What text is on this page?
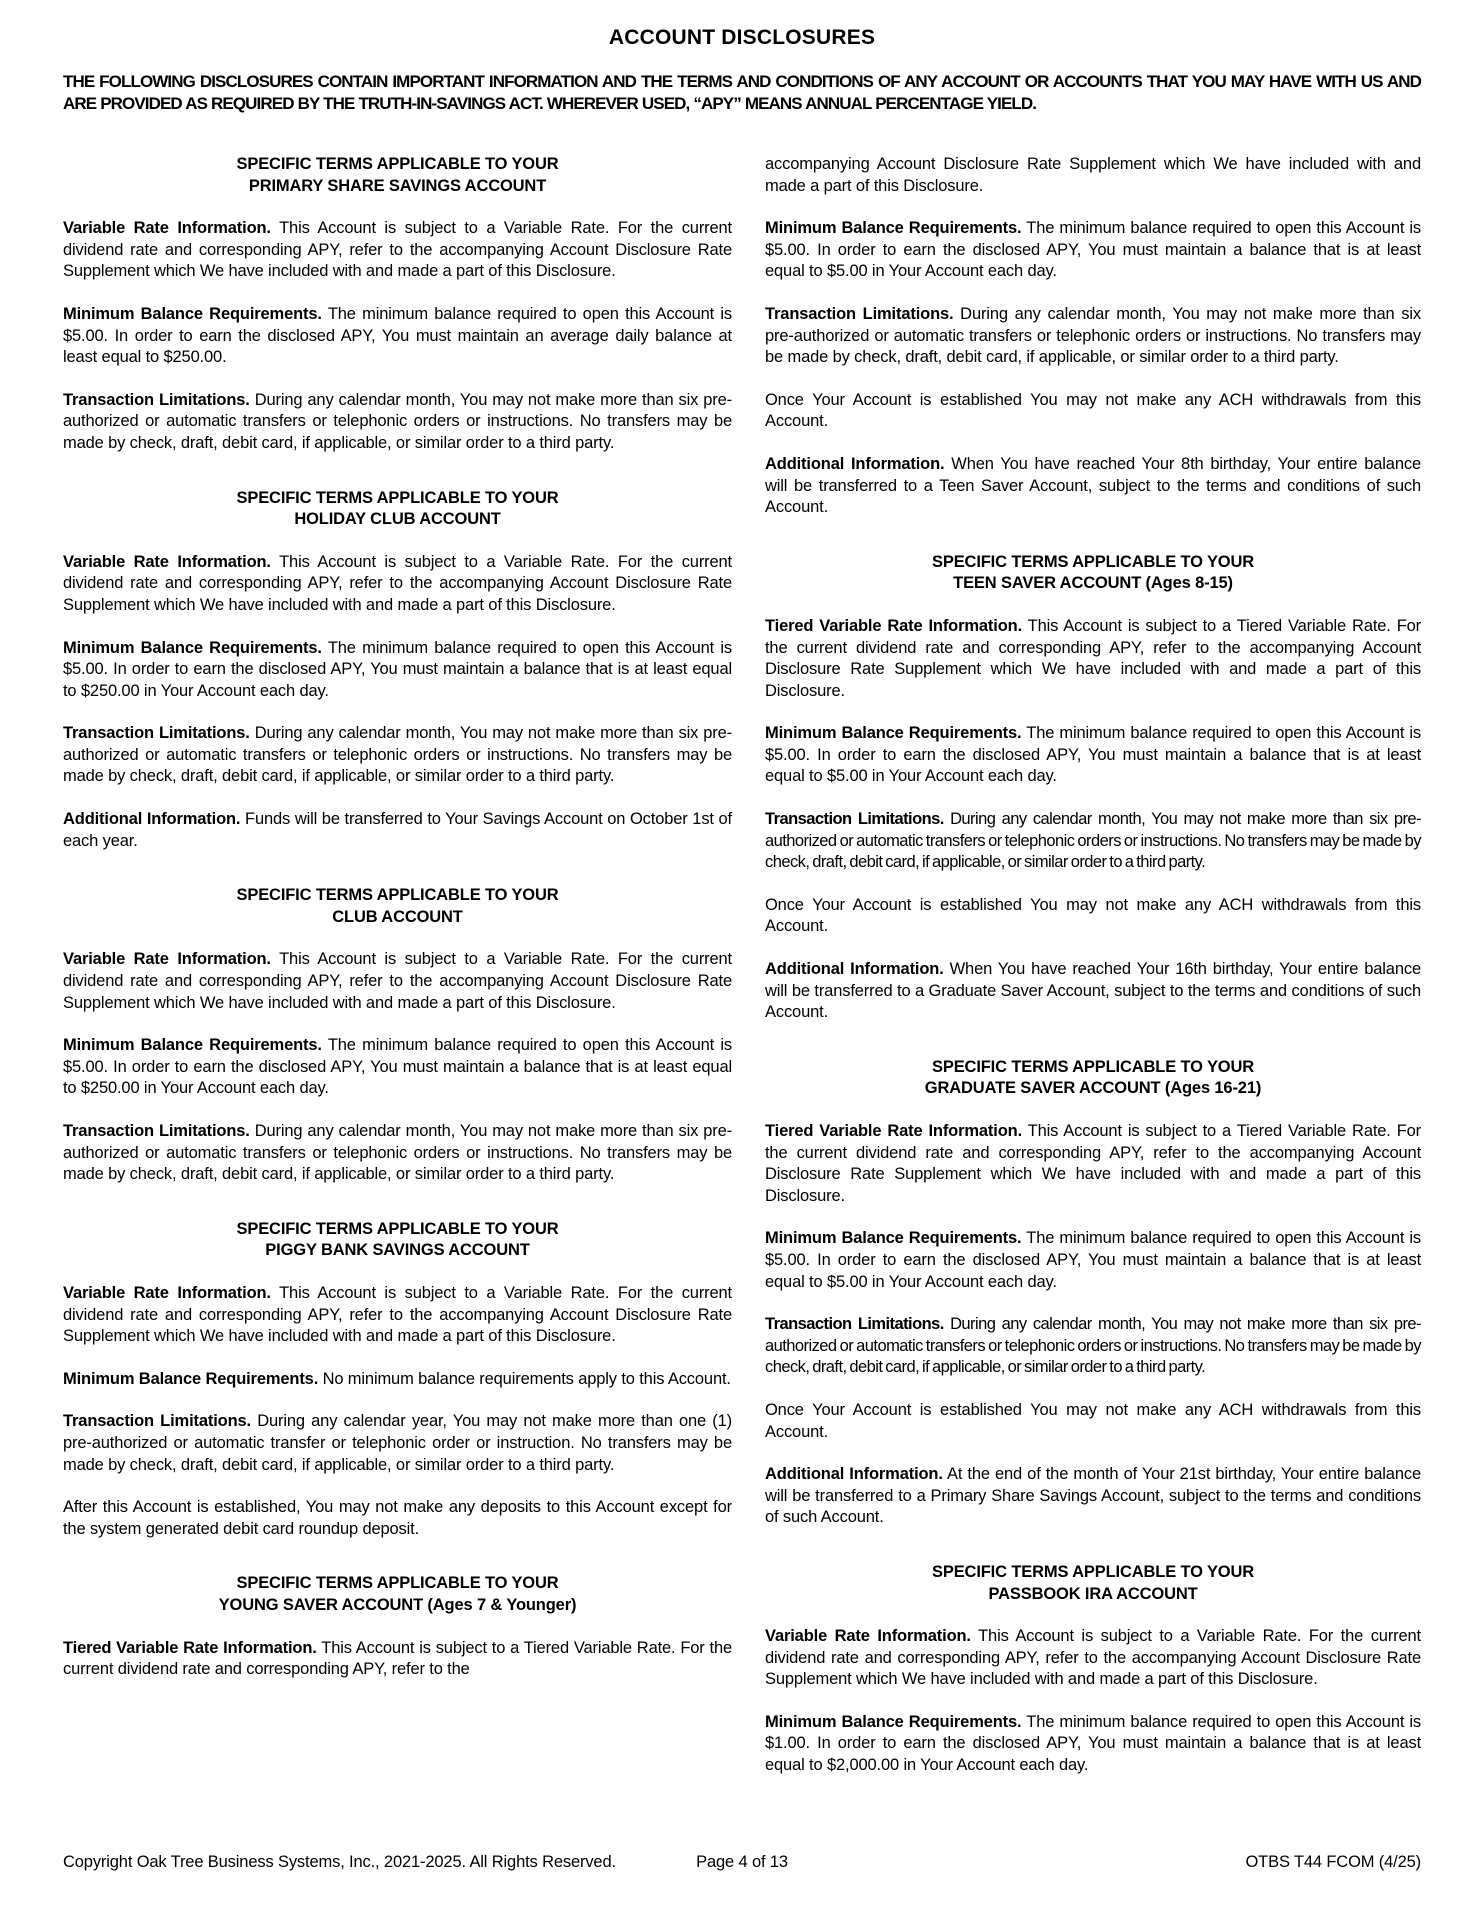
ACCOUNT DISCLOSURES

THE FOLLOWING DISCLOSURES CONTAIN IMPORTANT INFORMATION AND THE TERMS AND CONDITIONS OF ANY ACCOUNT OR ACCOUNTS THAT YOU MAY HAVE WITH US AND ARE PROVIDED AS REQUIRED BY THE TRUTH-IN-SAVINGS ACT. WHEREVER USED, “APY” MEANS ANNUAL PERCENTAGE YIELD.

SPECIFIC TERMS APPLICABLE TO YOUR
PRIMARY SHARE SAVINGS ACCOUNT

Variable Rate Information. This Account is subject to a Variable Rate. For the current dividend rate and corresponding APY, refer to the accompanying Account Disclosure Rate Supplement which We have included with and made a part of this Disclosure.

Minimum Balance Requirements. The minimum balance required to open this Account is $5.00. In order to earn the disclosed APY, You must maintain an average daily balance at least equal to $250.00.

Transaction Limitations. During any calendar month, You may not make more than six pre-authorized or automatic transfers or telephonic orders or instructions. No transfers may be made by check, draft, debit card, if applicable, or similar order to a third party.

SPECIFIC TERMS APPLICABLE TO YOUR
HOLIDAY CLUB ACCOUNT

Variable Rate Information. This Account is subject to a Variable Rate. For the current dividend rate and corresponding APY, refer to the accompanying Account Disclosure Rate Supplement which We have included with and made a part of this Disclosure.

Minimum Balance Requirements. The minimum balance required to open this Account is $5.00. In order to earn the disclosed APY, You must maintain a balance that is at least equal to $250.00 in Your Account each day.

Transaction Limitations. During any calendar month, You may not make more than six pre-authorized or automatic transfers or telephonic orders or instructions. No transfers may be made by check, draft, debit card, if applicable, or similar order to a third party.

Additional Information. Funds will be transferred to Your Savings Account on October 1st of each year.

SPECIFIC TERMS APPLICABLE TO YOUR
CLUB ACCOUNT

Variable Rate Information. This Account is subject to a Variable Rate. For the current dividend rate and corresponding APY, refer to the accompanying Account Disclosure Rate Supplement which We have included with and made a part of this Disclosure.

Minimum Balance Requirements. The minimum balance required to open this Account is $5.00. In order to earn the disclosed APY, You must maintain a balance that is at least equal to $250.00 in Your Account each day.

Transaction Limitations. During any calendar month, You may not make more than six pre-authorized or automatic transfers or telephonic orders or instructions. No transfers may be made by check, draft, debit card, if applicable, or similar order to a third party.

SPECIFIC TERMS APPLICABLE TO YOUR
PIGGY BANK SAVINGS ACCOUNT

Variable Rate Information. This Account is subject to a Variable Rate. For the current dividend rate and corresponding APY, refer to the accompanying Account Disclosure Rate Supplement which We have included with and made a part of this Disclosure.

Minimum Balance Requirements. No minimum balance requirements apply to this Account.

Transaction Limitations. During any calendar year, You may not make more than one (1) pre-authorized or automatic transfer or telephonic order or instruction. No transfers may be made by check, draft, debit card, if applicable, or similar order to a third party.

After this Account is established, You may not make any deposits to this Account except for the system generated debit card roundup deposit.

SPECIFIC TERMS APPLICABLE TO YOUR
YOUNG SAVER ACCOUNT (Ages 7 & Younger)

Tiered Variable Rate Information. This Account is subject to a Tiered Variable Rate. For the current dividend rate and corresponding APY, refer to the

accompanying Account Disclosure Rate Supplement which We have included with and made a part of this Disclosure.

Minimum Balance Requirements. The minimum balance required to open this Account is $5.00. In order to earn the disclosed APY, You must maintain a balance that is at least equal to $5.00 in Your Account each day.

Transaction Limitations. During any calendar month, You may not make more than six pre-authorized or automatic transfers or telephonic orders or instructions. No transfers may be made by check, draft, debit card, if applicable, or similar order to a third party.

Once Your Account is established You may not make any ACH withdrawals from this Account.

Additional Information. When You have reached Your 8th birthday, Your entire balance will be transferred to a Teen Saver Account, subject to the terms and conditions of such Account.

SPECIFIC TERMS APPLICABLE TO YOUR
TEEN SAVER ACCOUNT (Ages 8-15)

Tiered Variable Rate Information. This Account is subject to a Tiered Variable Rate. For the current dividend rate and corresponding APY, refer to the accompanying Account Disclosure Rate Supplement which We have included with and made a part of this Disclosure.

Minimum Balance Requirements. The minimum balance required to open this Account is $5.00. In order to earn the disclosed APY, You must maintain a balance that is at least equal to $5.00 in Your Account each day.

Transaction Limitations. During any calendar month, You may not make more than six pre-authorized or automatic transfers or telephonic orders or instructions. No transfers may be made by check, draft, debit card, if applicable, or similar order to a third party.

Once Your Account is established You may not make any ACH withdrawals from this Account.

Additional Information. When You have reached Your 16th birthday, Your entire balance will be transferred to a Graduate Saver Account, subject to the terms and conditions of such Account.

SPECIFIC TERMS APPLICABLE TO YOUR
GRADUATE SAVER ACCOUNT (Ages 16-21)

Tiered Variable Rate Information. This Account is subject to a Tiered Variable Rate. For the current dividend rate and corresponding APY, refer to the accompanying Account Disclosure Rate Supplement which We have included with and made a part of this Disclosure.

Minimum Balance Requirements. The minimum balance required to open this Account is $5.00. In order to earn the disclosed APY, You must maintain a balance that is at least equal to $5.00 in Your Account each day.

Transaction Limitations. During any calendar month, You may not make more than six pre-authorized or automatic transfers or telephonic orders or instructions. No transfers may be made by check, draft, debit card, if applicable, or similar order to a third party.

Once Your Account is established You may not make any ACH withdrawals from this Account.

Additional Information. At the end of the month of Your 21st birthday, Your entire balance will be transferred to a Primary Share Savings Account, subject to the terms and conditions of such Account.

SPECIFIC TERMS APPLICABLE TO YOUR
PASSBOOK IRA ACCOUNT

Variable Rate Information. This Account is subject to a Variable Rate. For the current dividend rate and corresponding APY, refer to the accompanying Account Disclosure Rate Supplement which We have included with and made a part of this Disclosure.

Minimum Balance Requirements. The minimum balance required to open this Account is $1.00. In order to earn the disclosed APY, You must maintain a balance that is at least equal to $2,000.00 in Your Account each day.

Copyright Oak Tree Business Systems, Inc., 2021-2025. All Rights Reserved.	Page 4 of 13	OTBS T44 FCOM (4/25)
